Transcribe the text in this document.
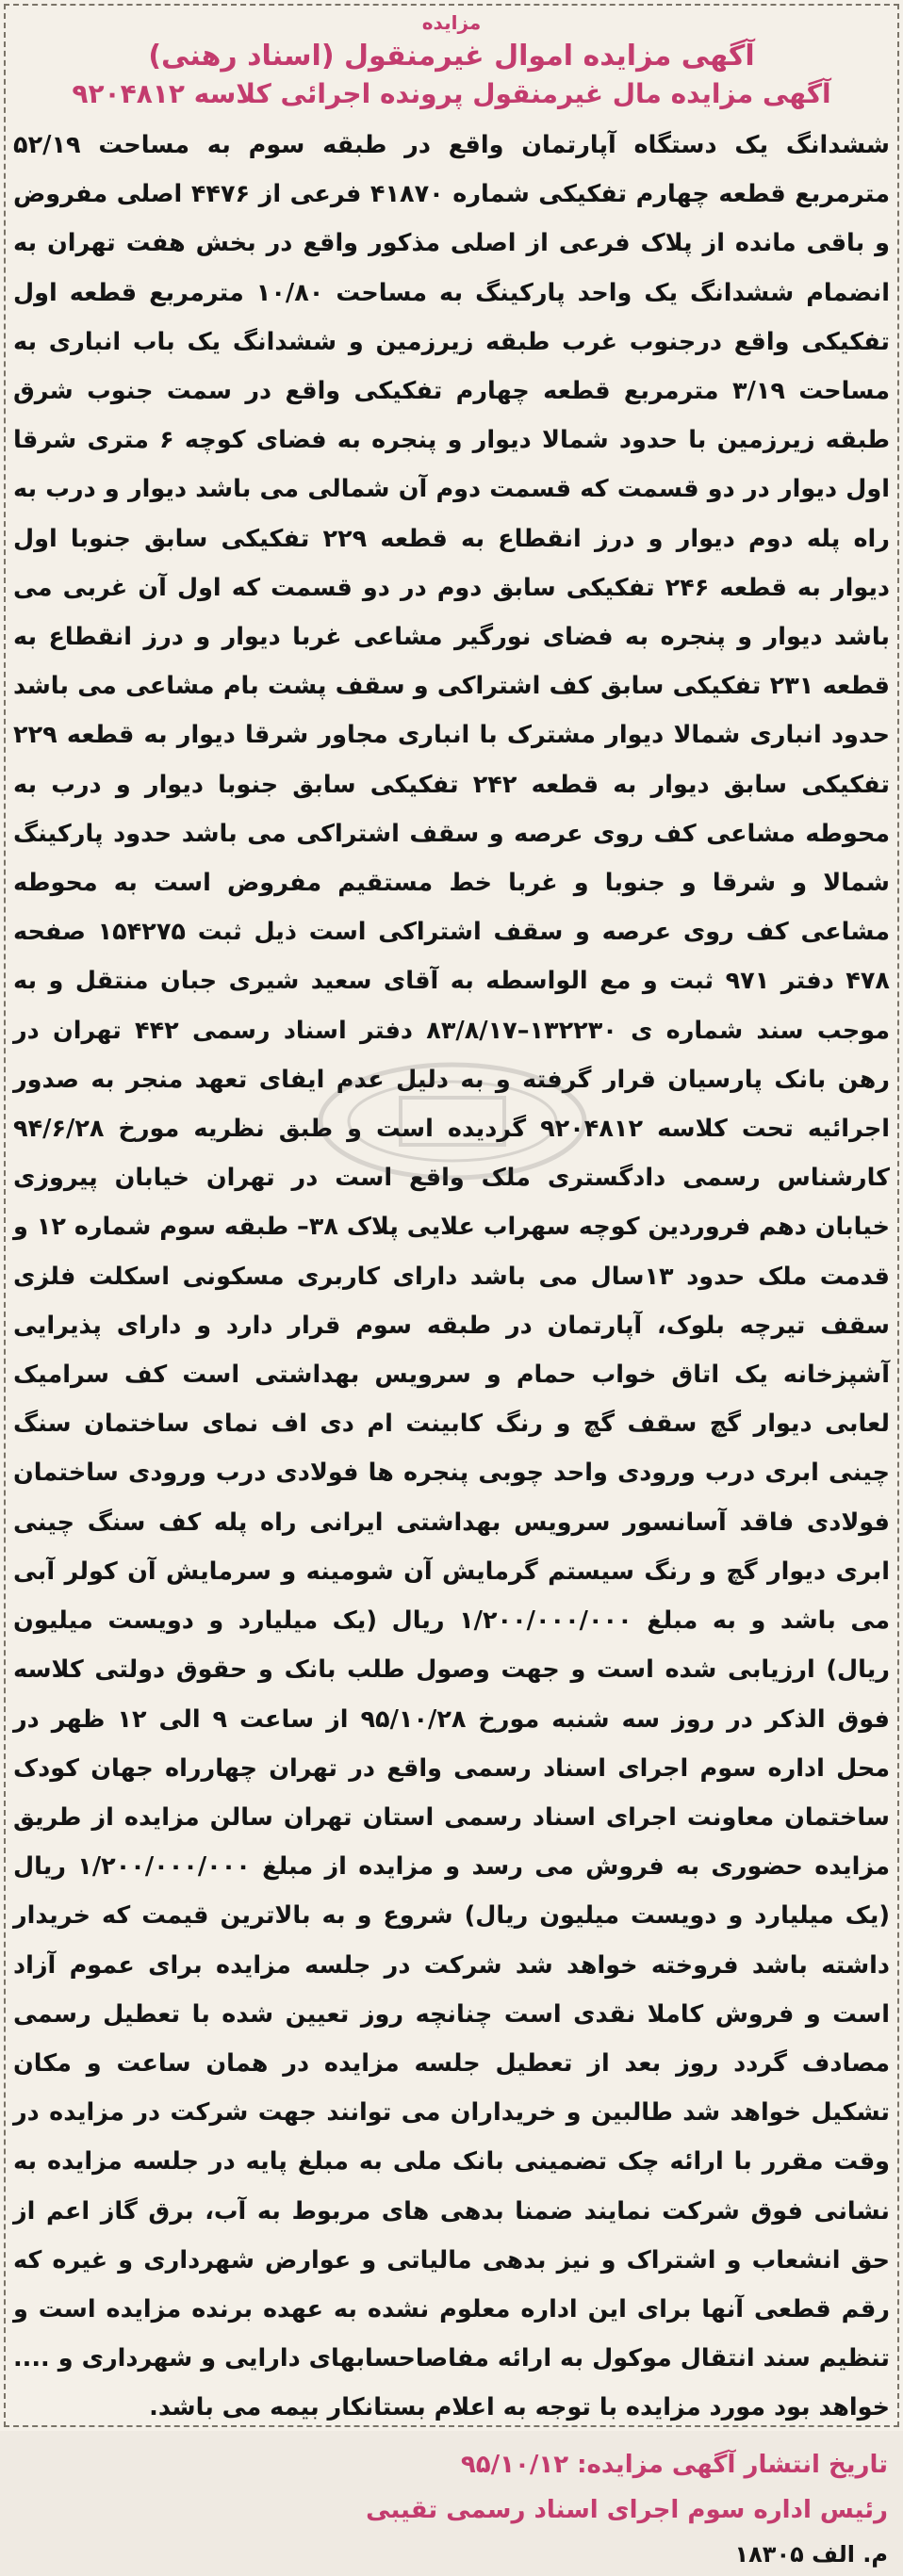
مزایده
آگهی مزایده اموال غیرمنقول (اسناد رهنی)
آگهی مزایده مال غیرمنقول پرونده اجرائی کلاسه ۹۲۰۴۸۱۲
ششدانگ یک دستگاه آپارتمان واقع در طبقه سوم به مساحت ۵۲/۱۹ مترمربع قطعه چهارم تفکیکی شماره ۴۱۸۷۰ فرعی از ۴۴۷۶ اصلی مفروض و باقی مانده از پلاک فرعی از اصلی مذکور واقع در بخش هفت تهران به انضمام ششدانگ یک واحد پارکینگ به مساحت ۱۰/۸۰ مترمربع قطعه اول تفکیکی واقع درجنوب غرب طبقه زیرزمین و ششدانگ یک باب انباری به مساحت ۳/۱۹ مترمربع قطعه چهارم تفکیکی واقع در سمت جنوب شرق طبقه زیرزمین با حدود شمالا دیوار و پنجره به فضای کوچه ۶ متری شرقا اول دیوار در دو قسمت که قسمت دوم آن شمالی می باشد دیوار و درب به راه پله دوم دیوار و درز انقطاع به قطعه ۲۲۹ تفکیکی سابق جنوبا اول دیوار به قطعه ۲۴۶ تفکیکی سابق دوم در دو قسمت که اول آن غربی می باشد دیوار و پنجره به فضای نورگیر مشاعی غربا دیوار و درز انقطاع به قطعه ۲۳۱ تفکیکی سابق کف اشتراکی و سقف پشت بام مشاعی می باشد حدود انباری شمالا دیوار مشترک با انباری مجاور شرقا دیوار به قطعه ۲۲۹ تفکیکی سابق دیوار به قطعه ۲۴۲ تفکیکی سابق جنوبا دیوار و درب به محوطه مشاعی کف روی عرصه و سقف اشتراکی می باشد حدود پارکینگ شمالا و شرقا و جنوبا و غربا خط مستقیم مفروض است به محوطه مشاعی کف روی عرصه و سقف اشتراکی است ذیل ثبت ۱۵۴۲۷۵ صفحه ۴۷۸ دفتر ۹۷۱ ثبت و مع الواسطه به آقای سعید شیری جبان منتقل و به موجب سند شماره ی ۱۳۲۲۳۰–۸۳/۸/۱۷ دفتر اسناد رسمی ۴۴۲ تهران در رهن بانک پارسیان قرار گرفته و به دلیل عدم ایفای تعهد منجر به صدور اجرائیه تحت کلاسه ۹۲۰۴۸۱۲ گردیده است و طبق نظریه مورخ ۹۴/۶/۲۸ کارشناس رسمی دادگستری ملک واقع است در تهران خیابان پیروزی خیابان دهم فروردین کوچه سهراب علایی پلاک ۳۸– طبقه سوم شماره ۱۲ و قدمت ملک حدود ۱۳سال می باشد دارای کاربری مسکونی اسکلت فلزی سقف تیرچه بلوک، آپارتمان در طبقه سوم قرار دارد و دارای پذیرایی آشپزخانه یک اتاق خواب حمام و سرویس بهداشتی است کف سرامیک لعابی دیوار گچ سقف گچ و رنگ کابینت ام دی اف نمای ساختمان سنگ چینی ابری درب ورودی واحد چوبی پنجره ها فولادی درب ورودی ساختمان فولادی فاقد آسانسور سرویس بهداشتی ایرانی راه پله کف سنگ چینی ابری دیوار گچ و رنگ سیستم گرمایش آن شومینه و سرمایش آن کولر آبی می باشد و به مبلغ ۱/۲۰۰/۰۰۰/۰۰۰ ریال (یک میلیارد و دویست میلیون ریال) ارزیابی شده است و جهت وصول طلب بانک و حقوق دولتی کلاسه فوق الذکر در روز سه شنبه مورخ ۹۵/۱۰/۲۸ از ساعت ۹ الی ۱۲ ظهر در محل اداره سوم اجرای اسناد رسمی واقع در تهران چهارراه جهان کودک ساختمان معاونت اجرای اسناد رسمی استان تهران سالن مزایده از طریق مزایده حضوری به فروش می رسد و مزایده از مبلغ ۱/۲۰۰/۰۰۰/۰۰۰ ریال (یک میلیارد و دویست میلیون ریال) شروع و به بالاترین قیمت که خریدار داشته باشد فروخته خواهد شد شرکت در جلسه مزایده برای عموم آزاد است و فروش کاملا نقدی است چنانچه روز تعیین شده با تعطیل رسمی مصادف گردد روز بعد از تعطیل جلسه مزایده در همان ساعت و مکان تشکیل خواهد شد طالبین و خریداران می توانند جهت شرکت در مزایده در وقت مقرر با ارائه چک تضمینی بانک ملی به مبلغ پایه در جلسه مزایده به نشانی فوق شرکت نمایند ضمنا بدهی های مربوط به آب، برق گاز اعم از حق انشعاب و اشتراک و نیز بدهی مالیاتی و عوارض شهرداری و غیره که رقم قطعی آنها برای این اداره معلوم نشده به عهده برنده مزایده است و تنظیم سند انتقال موکول به ارائه مفاصاحسابهای دارایی و شهرداری و .... خواهد بود مورد مزایده با توجه به اعلام بستانکار بیمه می باشد.
تاریخ انتشار آگهی مزایده: ۹۵/۱۰/۱۲
رئیس اداره سوم اجرای اسناد رسمی تقیبی
م. الف ۱۸۳۰۵
